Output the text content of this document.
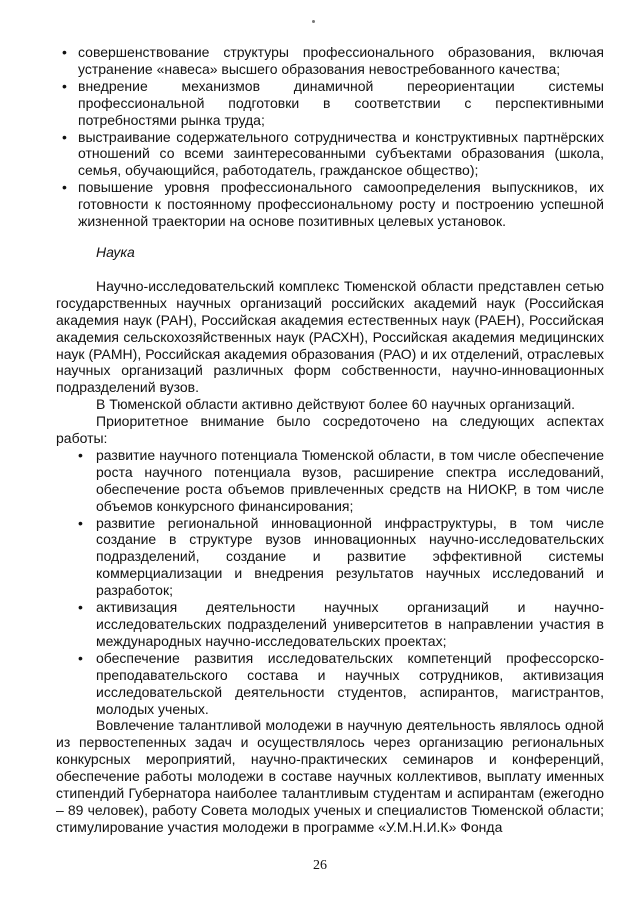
• совершенствование структуры профессионального образования, включая устранение «навеса» высшего образования невостребованного качества;
• внедрение механизмов динамичной переориентации системы профессиональной подготовки в соответствии с перспективными потребностями рынка труда;
• выстраивание содержательного сотрудничества и конструктивных партнёрских отношений со всеми заинтересованными субъектами образования (школа, семья, обучающийся, работодатель, гражданское общество);
• повышение уровня профессионального самоопределения выпускников, их готовности к постоянному профессиональному росту и построению успешной жизненной траектории на основе позитивных целевых установок.
Наука

Научно-исследовательский комплекс Тюменской области представлен сетью государственных научных организаций российских академий наук (Российская академия наук (РАН), Российская академия естественных наук (РАЕН), Российская академия сельскохозяйственных наук (РАСХН), Российская академия медицинских наук (РАМН), Российская академия образования (РАО) и их отделений, отраслевых научных организаций различных форм собственности, научно-инновационных подразделений вузов.

В Тюменской области активно действуют более 60 научных организаций.

Приоритетное внимание было сосредоточено на следующих аспектах работы:

• развитие научного потенциала Тюменской области, в том числе обеспечение роста научного потенциала вузов, расширение спектра исследований, обеспечение роста объемов привлеченных средств на НИОКР, в том числе объемов конкурсного финансирования;
• развитие региональной инновационной инфраструктуры, в том числе создание в структуре вузов инновационных научно-исследовательских подразделений, создание и развитие эффективной системы коммерциализации и внедрения результатов научных исследований и разработок;
• активизация деятельности научных организаций и научно-исследовательских подразделений университетов в направлении участия в международных научно-исследовательских проектах;
• обеспечение развития исследовательских компетенций профессорско-преподавательского состава и научных сотрудников, активизация исследовательской деятельности студентов, аспирантов, магистрантов, молодых ученых.

Вовлечение талантливой молодежи в научную деятельность являлось одной из первостепенных задач и осуществлялось через организацию региональных конкурсных мероприятий, научно-практических семинаров и конференций, обеспечение работы молодежи в составе научных коллективов, выплату именных стипендий Губернатора наиболее талантливым студентам и аспирантам (ежегодно – 89 человек), работу Совета молодых ученых и специалистов Тюменской области; стимулирование участия молодежи в программе «У.М.Н.И.К» Фонда

26
